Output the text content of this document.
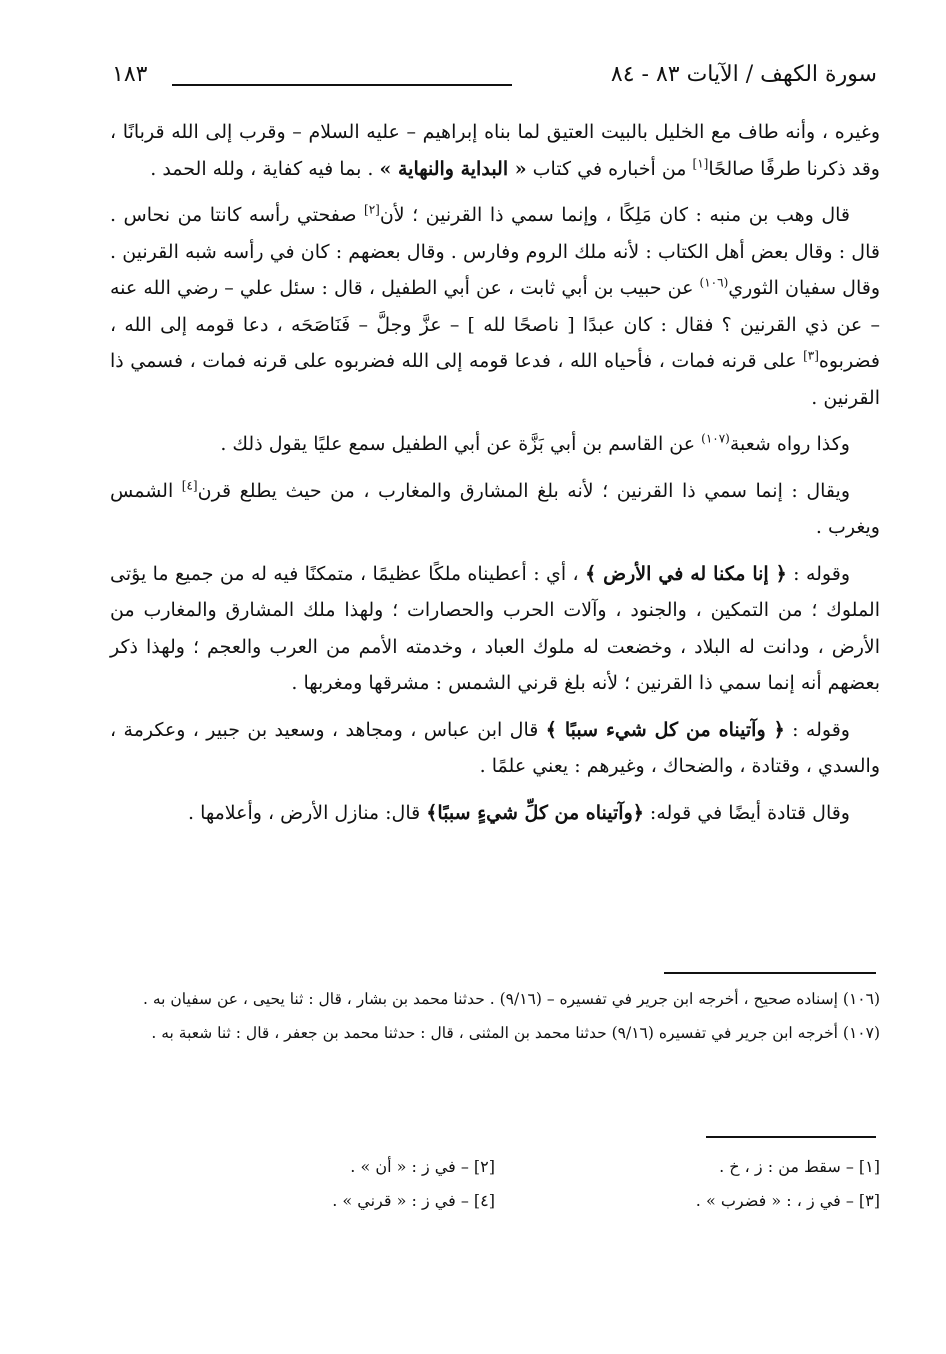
سورة الكهف / الآيات ٨٣ - ٨٤
١٨٣

وغيره ، وأنه طاف مع الخليل بالبيت العتيق لما بناه إبراهيم – عليه السلام – وقرب إلى الله قربانًا ، وقد ذكرنا طرفًا صالحًا[١] من أخباره في كتاب « البداية والنهاية » . بما فيه كفاية ، ولله الحمد .

قال وهب بن منبه : كان مَلِكًا ، وإنما سمي ذا القرنين ؛ لأن[٢] صفحتي رأسه كانتا من نحاس . قال : وقال بعض أهل الكتاب : لأنه ملك الروم وفارس . وقال بعضهم : كان في رأسه شبه القرنين . وقال سفيان الثوري$^{(١٠٦)}$ عن حبيب بن أبي ثابت ، عن أبي الطفيل ، قال : سئل علي – رضي الله عنه – عن ذي القرنين ؟ فقال : كان عبدًا [ ناصحًا لله ] – عزَّ وجلَّ – فَنَاصَحَه ، دعا قومه إلى الله ، فضربوه[٣] على قرنه فمات ، فأحياه الله ، فدعا قومه إلى الله فضربوه على قرنه فمات ، فسمي ذا القرنين .

وكذا رواه شعبة$^{(١٠٧)}$ عن القاسم بن أبي بَزَّة عن أبي الطفيل سمع عليًا يقول ذلك .

ويقال : إنما سمي ذا القرنين ؛ لأنه بلغ المشارق والمغارب ، من حيث يطلع قرن[٤] الشمس ويغرب .

وقوله : ﴿ إنا مكنا له في الأرض ﴾ ، أي : أعطيناه ملكًا عظيمًا ، متمكنًا فيه له من جميع ما يؤتى الملوك ؛ من التمكين ، والجنود ، وآلات الحرب والحصارات ؛ ولهذا ملك المشارق والمغارب من الأرض ، ودانت له البلاد ، وخضعت له ملوك العباد ، وخدمته الأمم من العرب والعجم ؛ ولهذا ذكر بعضهم أنه إنما سمي ذا القرنين ؛ لأنه بلغ قرني الشمس : مشرقها ومغربها .

وقوله : ﴿ وآتيناه من كل شيء سببًا ﴾ قال ابن عباس ، ومجاهد ، وسعيد بن جبير ، وعكرمة ، والسدي ، وقتادة ، والضحاك ، وغيرهم : يعني علمًا .

وقال قتادة أيضًا في قوله: ﴿وآتيناه من كلِّ شيءٍ سببًا﴾ قال: منازل الأرض ، وأعلامها .

(١٠٦) إسناده صحيح ، أخرجه ابن جرير في تفسيره – (٩/١٦) . حدثنا محمد بن بشار ، قال : ثنا يحيى ، عن سفيان به .

(١٠٧) أخرجه ابن جرير في تفسيره (٩/١٦) حدثنا محمد بن المثنى ، قال : حدثنا محمد بن جعفر ، قال : ثنا شعبة به .

[١] – سقط من : ز ، خ .
[٢] – في ز : « أن » .
[٣] – في ز ، : « فضرب » .
[٤] – في ز : « قرني » .
